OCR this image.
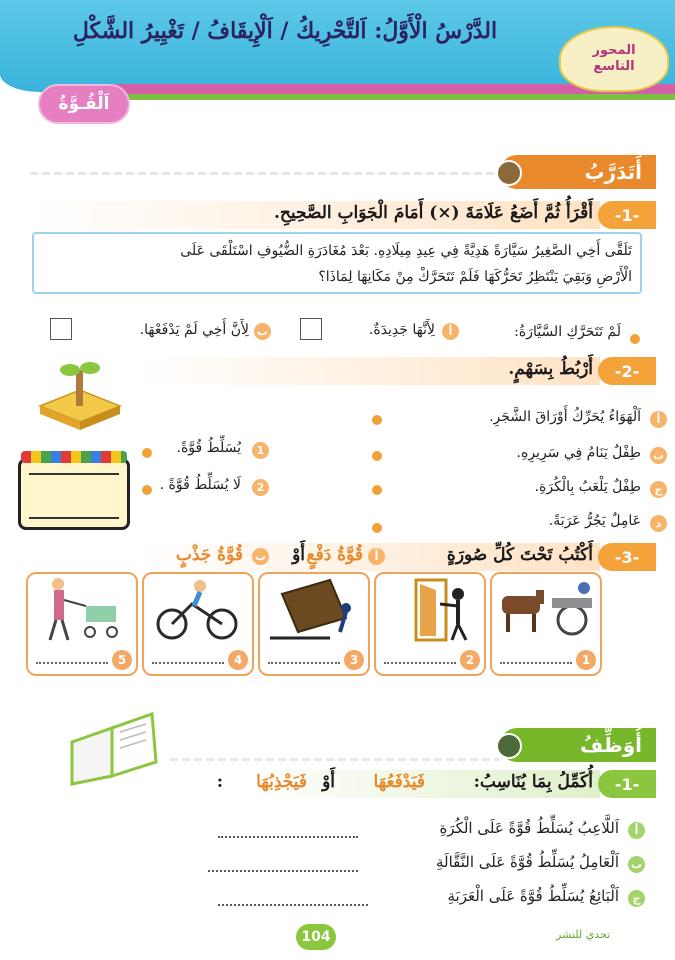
الدَّرْسُ الْأَوَّلُ: اَلتَّحْرِيكُ / اَلْإِيقَافُ / تَغْيِيرُ الشَّكْلِ
المحور
التاسع
اَلْقُـوَّةُ
أَتَدَرَّبُ
-1-
أَقْرَأُ ثُمَّ أَضَعُ عَلَامَةَ (×) أَمَامَ الْجَوَابِ الصَّحِيحِ.
تَلَقَّى أَخِي الصَّغِيرُ سَيَّارَةً هَدِيَّةً فِي عِيدِ مِيلَادِهِ. بَعْدَ مُغَادَرَةِ الضُّيُوفِ اسْتَلْقَى عَلَى
الْأَرْضِ وَبَقِيَ يَنْتَظِرُ تَحَرُّكَهَا فَلَمْ تَتَحَرَّكْ مِنْ مَكَانِهَا لِمَاذَا؟
لَمْ تَتَحَرَّكِ السَّيَّارَةُ:
أ
لِأَنَّهَا جَدِيدَةٌ.
ب
لِأَنَّ أَخِي لَمْ يَدْفَعْهَا.
-2-
أَرْبُطُ بِسَهْمٍ.
أ
اَلْهَوَاءُ يُحَرِّكُ أَوْرَاقَ الشَّجَرِ.
ب
طِفْلٌ يَنَامُ فِي سَرِيرِهِ.
ج
طِفْلٌ يَلْعَبُ بِالْكُرَةِ.
د
عَامِلٌ يَجُرُّ عَرَبَةً.
يُسَلِّطُ قُوَّةً.	1
لَا يُسَلِّطُ قُوَّةً .	2
-3-
أَكْتُبُ تَحْتَ كُلِّ صُورَةٍ
أ
قُوَّةُ دَفْعٍ
أَوْ
ب
قُوَّةُ جَذْبٍ
1
2
3
4
5
أُوَظِّفُ
-1-
أُكَمِّلُ بِمَا يُنَاسِبُ:
فَيَدْفَعُهَا
أَوْ
فَيَجْذِبُهَا
:
أ
اَللَّاعِبُ يُسَلِّطُ قُوَّةً عَلَى الْكُرَةِ
ب
اَلْعَامِلُ يُسَلِّطُ قُوَّةً عَلَى النَّقَّالَةِ
ج
اَلْبَائِعُ يُسَلِّطُ قُوَّةً عَلَى الْعَرَبَةِ
104	تحدي للنشر
